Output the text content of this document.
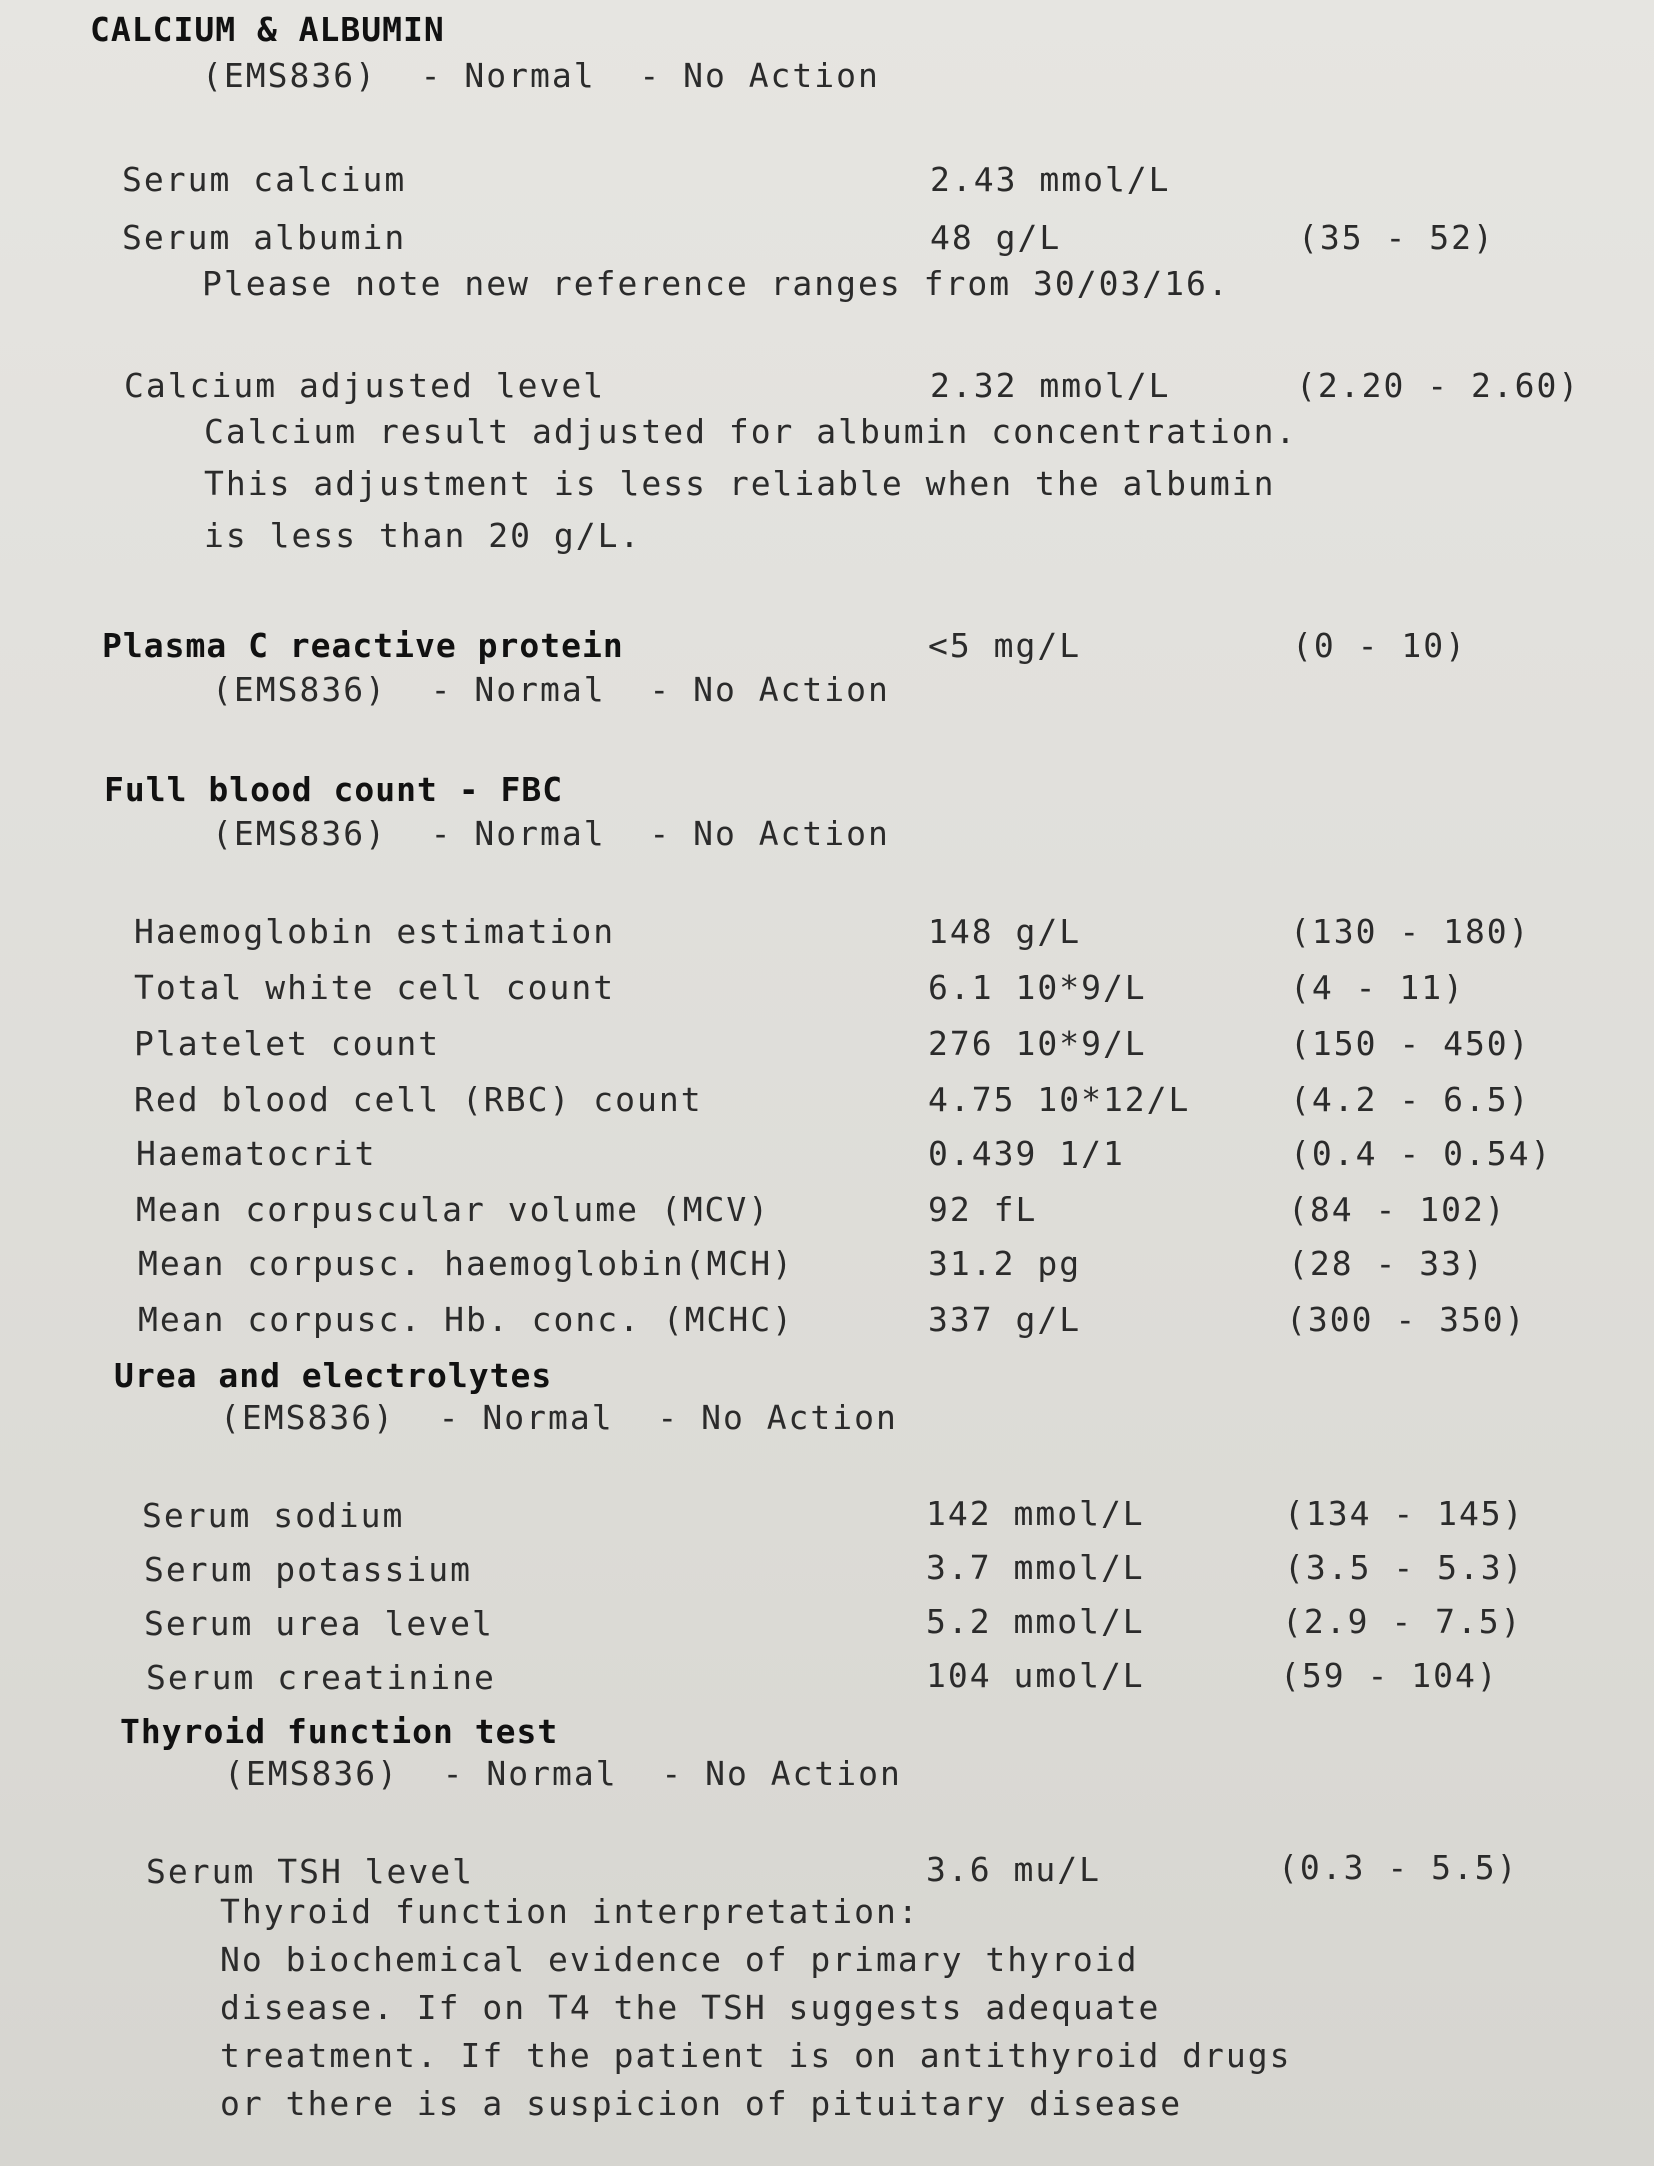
CALCIUM & ALBUMIN
(EMS836)  - Normal  - No Action
Serum calcium	2.43 mmol/L
Serum albumin	48 g/L	(35 - 52)
Please note new reference ranges from 30/03/16.
Calcium adjusted level	2.32 mmol/L	(2.20 - 2.60)
Calcium result adjusted for albumin concentration.
This adjustment is less reliable when the albumin
is less than 20 g/L.
Plasma C reactive protein	<5 mg/L	(0 - 10)
(EMS836)  - Normal  - No Action
Full blood count - FBC
(EMS836)  - Normal  - No Action
Haemoglobin estimation	148 g/L	(130 - 180)
Total white cell count	6.1 10*9/L	(4 - 11)
Platelet count	276 10*9/L	(150 - 450)
Red blood cell (RBC) count	4.75 10*12/L	(4.2 - 6.5)
Haematocrit	0.439 1/1	(0.4 - 0.54)
Mean corpuscular volume (MCV)	92 fL	(84 - 102)
Mean corpusc. haemoglobin(MCH)	31.2 pg	(28 - 33)
Mean corpusc. Hb. conc. (MCHC)	337 g/L	(300 - 350)
Urea and electrolytes
(EMS836)  - Normal  - No Action
Serum sodium	142 mmol/L	(134 - 145)
Serum potassium	3.7 mmol/L	(3.5 - 5.3)
Serum urea level	5.2 mmol/L	(2.9 - 7.5)
Serum creatinine	104 umol/L	(59 - 104)
Thyroid function test
(EMS836)  - Normal  - No Action
Serum TSH level	3.6 mu/L	(0.3 - 5.5)
Thyroid function interpretation:
No biochemical evidence of primary thyroid
disease. If on T4 the TSH suggests adequate
treatment. If the patient is on antithyroid drugs
or there is a suspicion of pituitary disease
